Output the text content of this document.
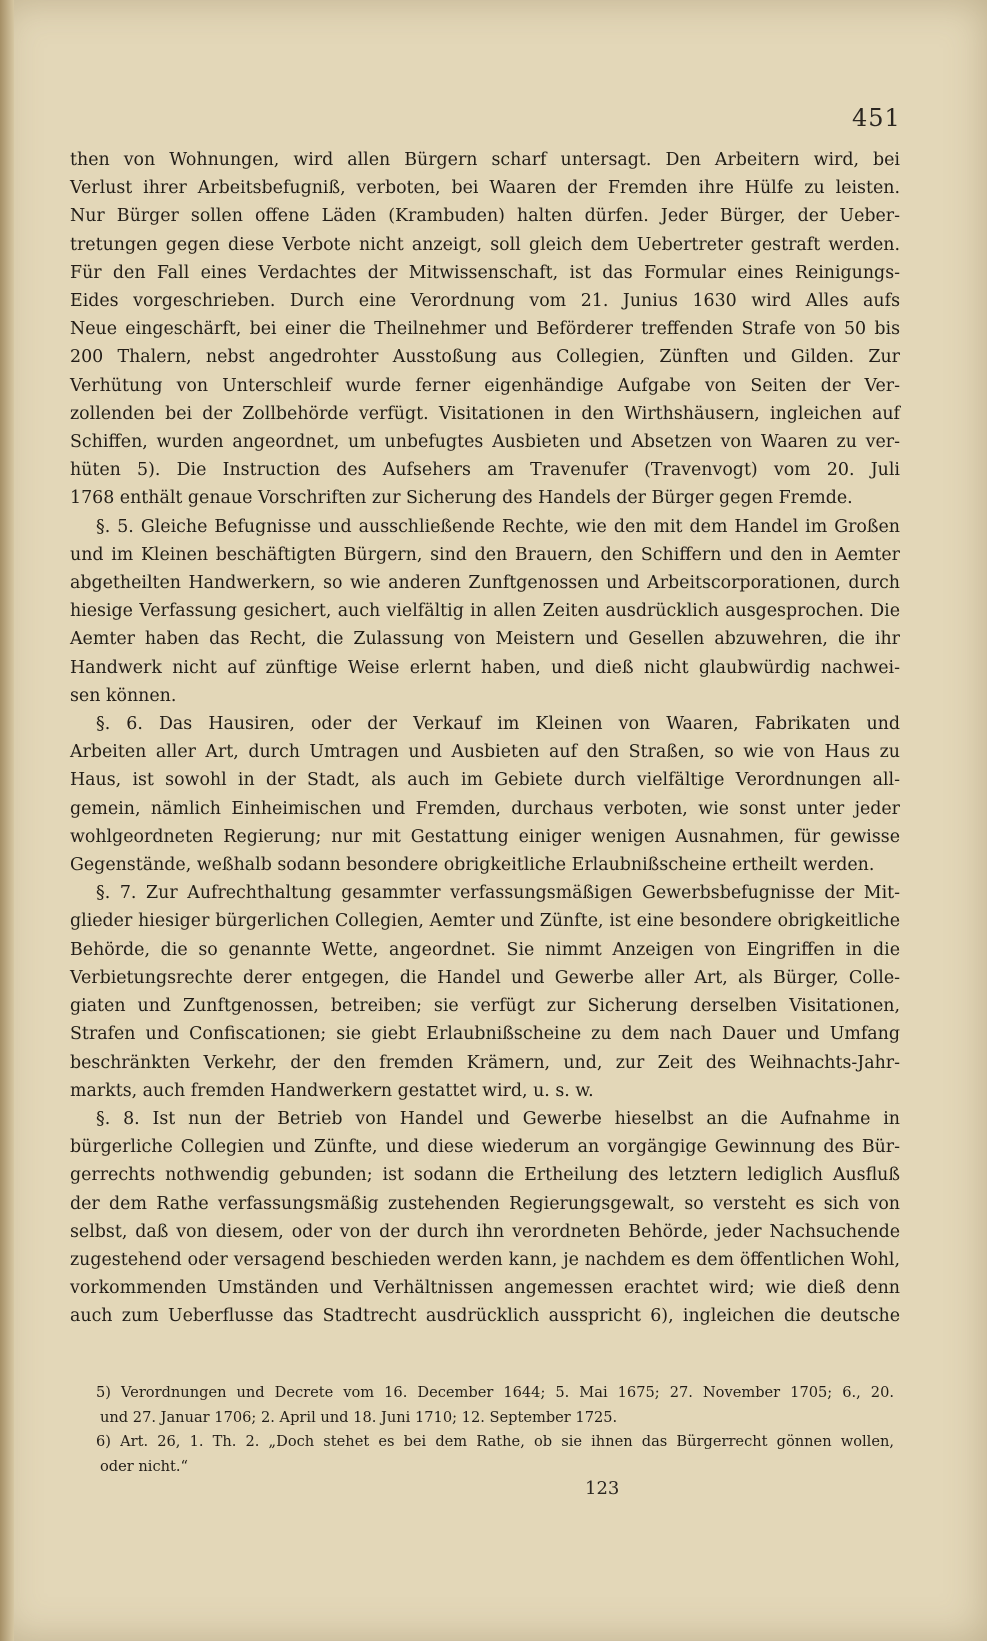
451
then von Wohnungen, wird allen Bürgern scharf untersagt. Den Arbeitern wird, bei
Verlust ihrer Arbeitsbefugniß, verboten, bei Waaren der Fremden ihre Hülfe zu leisten.
Nur Bürger sollen offene Läden (Krambuden) halten dürfen. Jeder Bürger, der Ueber-
tretungen gegen diese Verbote nicht anzeigt, soll gleich dem Uebertreter gestraft werden.
Für den Fall eines Verdachtes der Mitwissenschaft, ist das Formular eines Reinigungs-
Eides vorgeschrieben. Durch eine Verordnung vom 21. Junius 1630 wird Alles aufs
Neue eingeschärft, bei einer die Theilnehmer und Beförderer treffenden Strafe von 50 bis
200 Thalern, nebst angedrohter Ausstoßung aus Collegien, Zünften und Gilden. Zur
Verhütung von Unterschleif wurde ferner eigenhändige Aufgabe von Seiten der Ver-
zollenden bei der Zollbehörde verfügt. Visitationen in den Wirthshäusern, ingleichen auf
Schiffen, wurden angeordnet, um unbefugtes Ausbieten und Absetzen von Waaren zu ver-
hüten 5). Die Instruction des Aufsehers am Travenufer (Travenvogt) vom 20. Juli
1768 enthält genaue Vorschriften zur Sicherung des Handels der Bürger gegen Fremde.
§. 5. Gleiche Befugnisse und ausschließende Rechte, wie den mit dem Handel im Großen
und im Kleinen beschäftigten Bürgern, sind den Brauern, den Schiffern und den in Aemter
abgetheilten Handwerkern, so wie anderen Zunftgenossen und Arbeitscorporationen, durch
hiesige Verfassung gesichert, auch vielfältig in allen Zeiten ausdrücklich ausgesprochen. Die
Aemter haben das Recht, die Zulassung von Meistern und Gesellen abzuwehren, die ihr
Handwerk nicht auf zünftige Weise erlernt haben, und dieß nicht glaubwürdig nachwei-
sen können.
§. 6. Das Hausiren, oder der Verkauf im Kleinen von Waaren, Fabrikaten und
Arbeiten aller Art, durch Umtragen und Ausbieten auf den Straßen, so wie von Haus zu
Haus, ist sowohl in der Stadt, als auch im Gebiete durch vielfältige Verordnungen all-
gemein, nämlich Einheimischen und Fremden, durchaus verboten, wie sonst unter jeder
wohlgeordneten Regierung; nur mit Gestattung einiger wenigen Ausnahmen, für gewisse
Gegenstände, weßhalb sodann besondere obrigkeitliche Erlaubnißscheine ertheilt werden.
§. 7. Zur Aufrechthaltung gesammter verfassungsmäßigen Gewerbsbefugnisse der Mit-
glieder hiesiger bürgerlichen Collegien, Aemter und Zünfte, ist eine besondere obrigkeitliche
Behörde, die so genannte Wette, angeordnet. Sie nimmt Anzeigen von Eingriffen in die
Verbietungsrechte derer entgegen, die Handel und Gewerbe aller Art, als Bürger, Colle-
giaten und Zunftgenossen, betreiben; sie verfügt zur Sicherung derselben Visitationen,
Strafen und Confiscationen; sie giebt Erlaubnißscheine zu dem nach Dauer und Umfang
beschränkten Verkehr, der den fremden Krämern, und, zur Zeit des Weihnachts-Jahr-
markts, auch fremden Handwerkern gestattet wird, u. s. w.
§. 8. Ist nun der Betrieb von Handel und Gewerbe hieselbst an die Aufnahme in
bürgerliche Collegien und Zünfte, und diese wiederum an vorgängige Gewinnung des Bür-
gerrechts nothwendig gebunden; ist sodann die Ertheilung des letztern lediglich Ausfluß
der dem Rathe verfassungsmäßig zustehenden Regierungsgewalt, so versteht es sich von
selbst, daß von diesem, oder von der durch ihn verordneten Behörde, jeder Nachsuchende
zugestehend oder versagend beschieden werden kann, je nachdem es dem öffentlichen Wohl,
vorkommenden Umständen und Verhältnissen angemessen erachtet wird; wie dieß denn
auch zum Ueberflusse das Stadtrecht ausdrücklich ausspricht 6), ingleichen die deutsche
5) Verordnungen und Decrete vom 16. December 1644; 5. Mai 1675; 27. November 1705; 6., 20.
und 27. Januar 1706; 2. April und 18. Juni 1710; 12. September 1725.
6) Art. 26, 1. Th. 2. „Doch stehet es bei dem Rathe, ob sie ihnen das Bürgerrecht gönnen wollen,
oder nicht.“
123
